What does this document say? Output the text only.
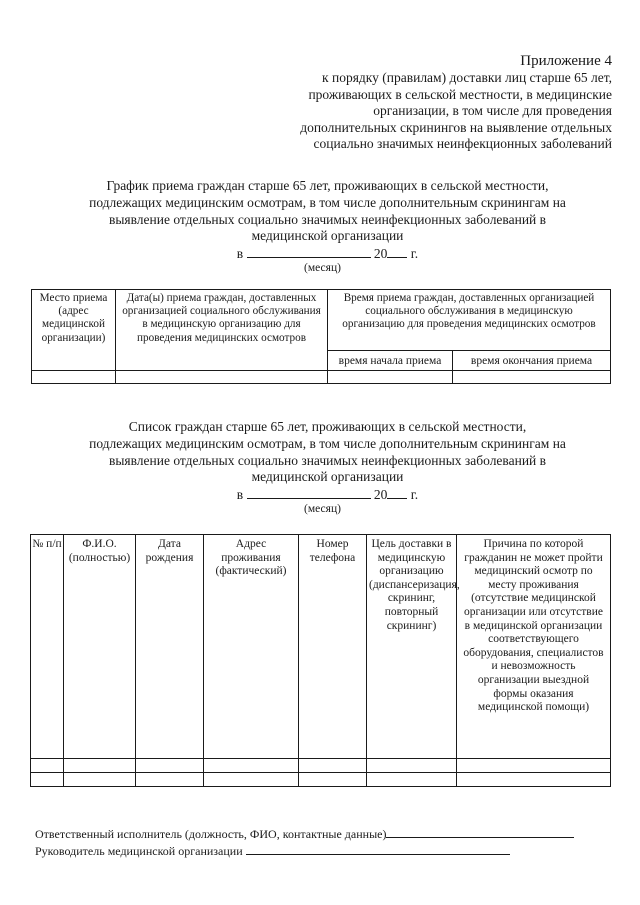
Приложение 4
к порядку (правилам) доставки лиц старше 65 лет,
проживающих в сельской местности, в медицинские
организации, в том числе для проведения
дополнительных скринингов на выявление отдельных
социально значимых неинфекционных заболеваний
График приема граждан старше 65 лет, проживающих в сельской местности,
подлежащих медицинским осмотрам, в том числе дополнительным скринингам на
выявление отдельных социально значимых неинфекционных заболеваний в
медицинской организации
в	20 г.
(месяц)
Место приема (адрес медицинской организации)	Дата(ы) приема граждан, доставленных организацией социального обслуживания в медицинскую организацию для проведения медицинских осмотров	Время приема граждан, доставленных организацией социального обслуживания в медицинскую организацию для проведения медицинских осмотров	
		время начала приема	время окончания приема

Список граждан старше 65 лет, проживающих в сельской местности,
подлежащих медицинским осмотрам, в том числе дополнительным скринингам на
выявление отдельных социально значимых неинфекционных заболеваний в
медицинской организации
в	20 г.
(месяц)
№ п/п	Ф.И.О. (полностью)	Дата рождения	Адрес проживания (фактический)	Номер телефона	Цель доставки в медицинскую организацию (диспансеризация, скрининг, повторный скрининг)	Причина по которой гражданин не может пройти медицинский осмотр по месту проживания (отсутствие медицинской организации или отсутствие в медицинской организации соответствующего оборудования, специалистов и невозможность организации выездной формы оказания медицинской помощи)

Ответственный исполнитель (должность, ФИО, контактные данные)
Руководитель медицинской организации
